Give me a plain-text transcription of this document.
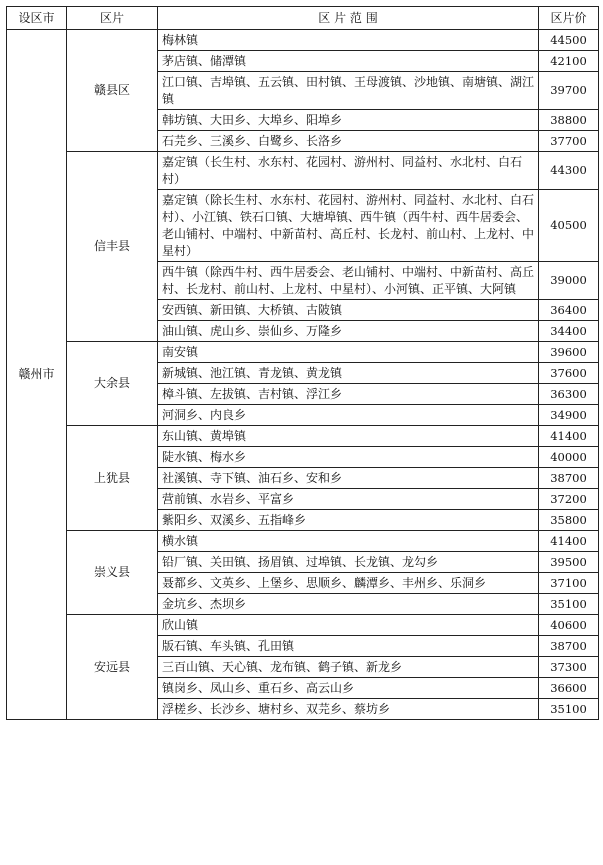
设区市	区片	区 片 范 围	区片价
赣州市	赣县区	梅林镇	44500
		茅店镇、储潭镇	42100
		江口镇、吉埠镇、五云镇、田村镇、王母渡镇、沙地镇、南塘镇、湖江镇	39700
		韩坊镇、大田乡、大埠乡、阳埠乡	38800
		石芫乡、三溪乡、白鹭乡、长洛乡	37700
	信丰县	嘉定镇（长生村、水东村、花园村、游州村、同益村、水北村、白石村）	44300
		嘉定镇（除长生村、水东村、花园村、游州村、同益村、水北村、白石村）、小江镇、铁石口镇、大塘埠镇、西牛镇（西牛村、西牛居委会、老山铺村、中端村、中新苗村、高丘村、长龙村、前山村、上龙村、中星村）	40500
		西牛镇（除西牛村、西牛居委会、老山铺村、中端村、中新苗村、高丘村、长龙村、前山村、上龙村、中星村）、小河镇、正平镇、大阿镇	39000
		安西镇、新田镇、大桥镇、古陂镇	36400
		油山镇、虎山乡、崇仙乡、万隆乡	34400
	大余县	南安镇	39600
		新城镇、池江镇、青龙镇、黄龙镇	37600
		樟斗镇、左拔镇、吉村镇、浮江乡	36300
		河洞乡、内良乡	34900
	上犹县	东山镇、黄埠镇	41400
		陡水镇、梅水乡	40000
		社溪镇、寺下镇、油石乡、安和乡	38700
		营前镇、水岩乡、平富乡	37200
		紫阳乡、双溪乡、五指峰乡	35800
	崇义县	横水镇	41400
		铅厂镇、关田镇、扬眉镇、过埠镇、长龙镇、龙勾乡	39500
		聂都乡、文英乡、上堡乡、思顺乡、麟潭乡、丰州乡、乐洞乡	37100
		金坑乡、杰坝乡	35100
	安远县	欣山镇	40600
		版石镇、车头镇、孔田镇	38700
		三百山镇、天心镇、龙布镇、鹤子镇、新龙乡	37300
		镇岗乡、凤山乡、重石乡、高云山乡	36600
		浮槎乡、长沙乡、塘村乡、双芫乡、蔡坊乡	35100
